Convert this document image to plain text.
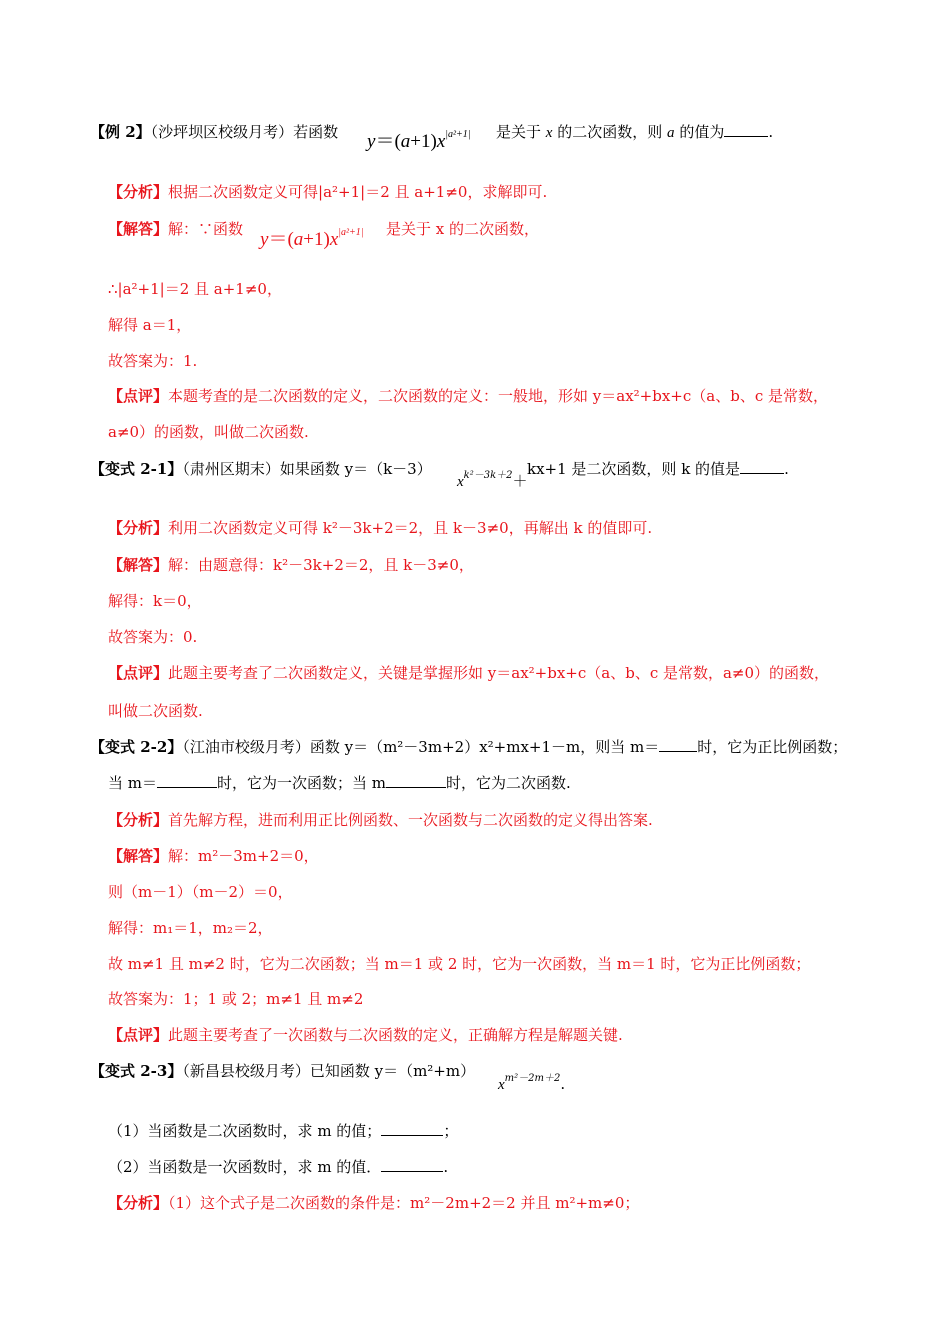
【例 2】（沙坪坝区校级月考）若函数 $y=(a+1)x^{|a^2+1|}$ 是关于 x 的二次函数，则 a 的值为	.
【分析】根据二次函数定义可得|a²+1|＝2 且 a+1≠0，求解即可.
【解答】解：∵函数 $y=(a+1)x^{|a^2+1|}$ 是关于 x 的二次函数，
∴|a²+1|＝2 且 a+1≠0，
解得 a＝1，
故答案为：1.
【点评】本题考查的是二次函数的定义，二次函数的定义：一般地，形如 y＝ax²+bx+c（a、b、c 是常数，
a≠0）的函数，叫做二次函数.
【变式 2-1】（肃州区期末）如果函数 y＝（k－3）
$x^{k^2-3k+2}+$
kx+1 是二次函数，则 k 的值是	.
【分析】利用二次函数定义可得 k²－3k+2＝2，且 k－3≠0，再解出 k 的值即可.
【解答】解：由题意得：k²－3k+2＝2，且 k－3≠0，
解得：k＝0，
故答案为：0.
【点评】此题主要考查了二次函数定义，关键是掌握形如 y＝ax²+bx+c（a、b、c 是常数，a≠0）的函数，
叫做二次函数.
【变式 2-2】（江油市校级月考）函数 y＝（m²－3m+2）x²+mx+1－m，则当 m＝	时，它为正比例函数；
当 m＝	时，它为一次函数；当 m	时，它为二次函数.
【分析】首先解方程，进而利用正比例函数、一次函数与二次函数的定义得出答案.
【解答】解：m²－3m+2＝0，
则（m－1）（m－2）＝0，
解得：m₁＝1，m₂＝2，
故 m≠1 且 m≠2 时，它为二次函数；当 m＝1 或 2 时，它为一次函数，当 m＝1 时，它为正比例函数；
故答案为：1；1 或 2；m≠1 且 m≠2
【点评】此题主要考查了一次函数与二次函数的定义，正确解方程是解题关键.
【变式 2-3】（新昌县校级月考）已知函数 y＝（m²+m）
$x^{m^2-2m+2}$.
（1）当函数是二次函数时，求 m 的值；	；
（2）当函数是一次函数时，求 m 的值．	.
【分析】（1）这个式子是二次函数的条件是：m²－2m+2＝2 并且 m²+m≠0；
